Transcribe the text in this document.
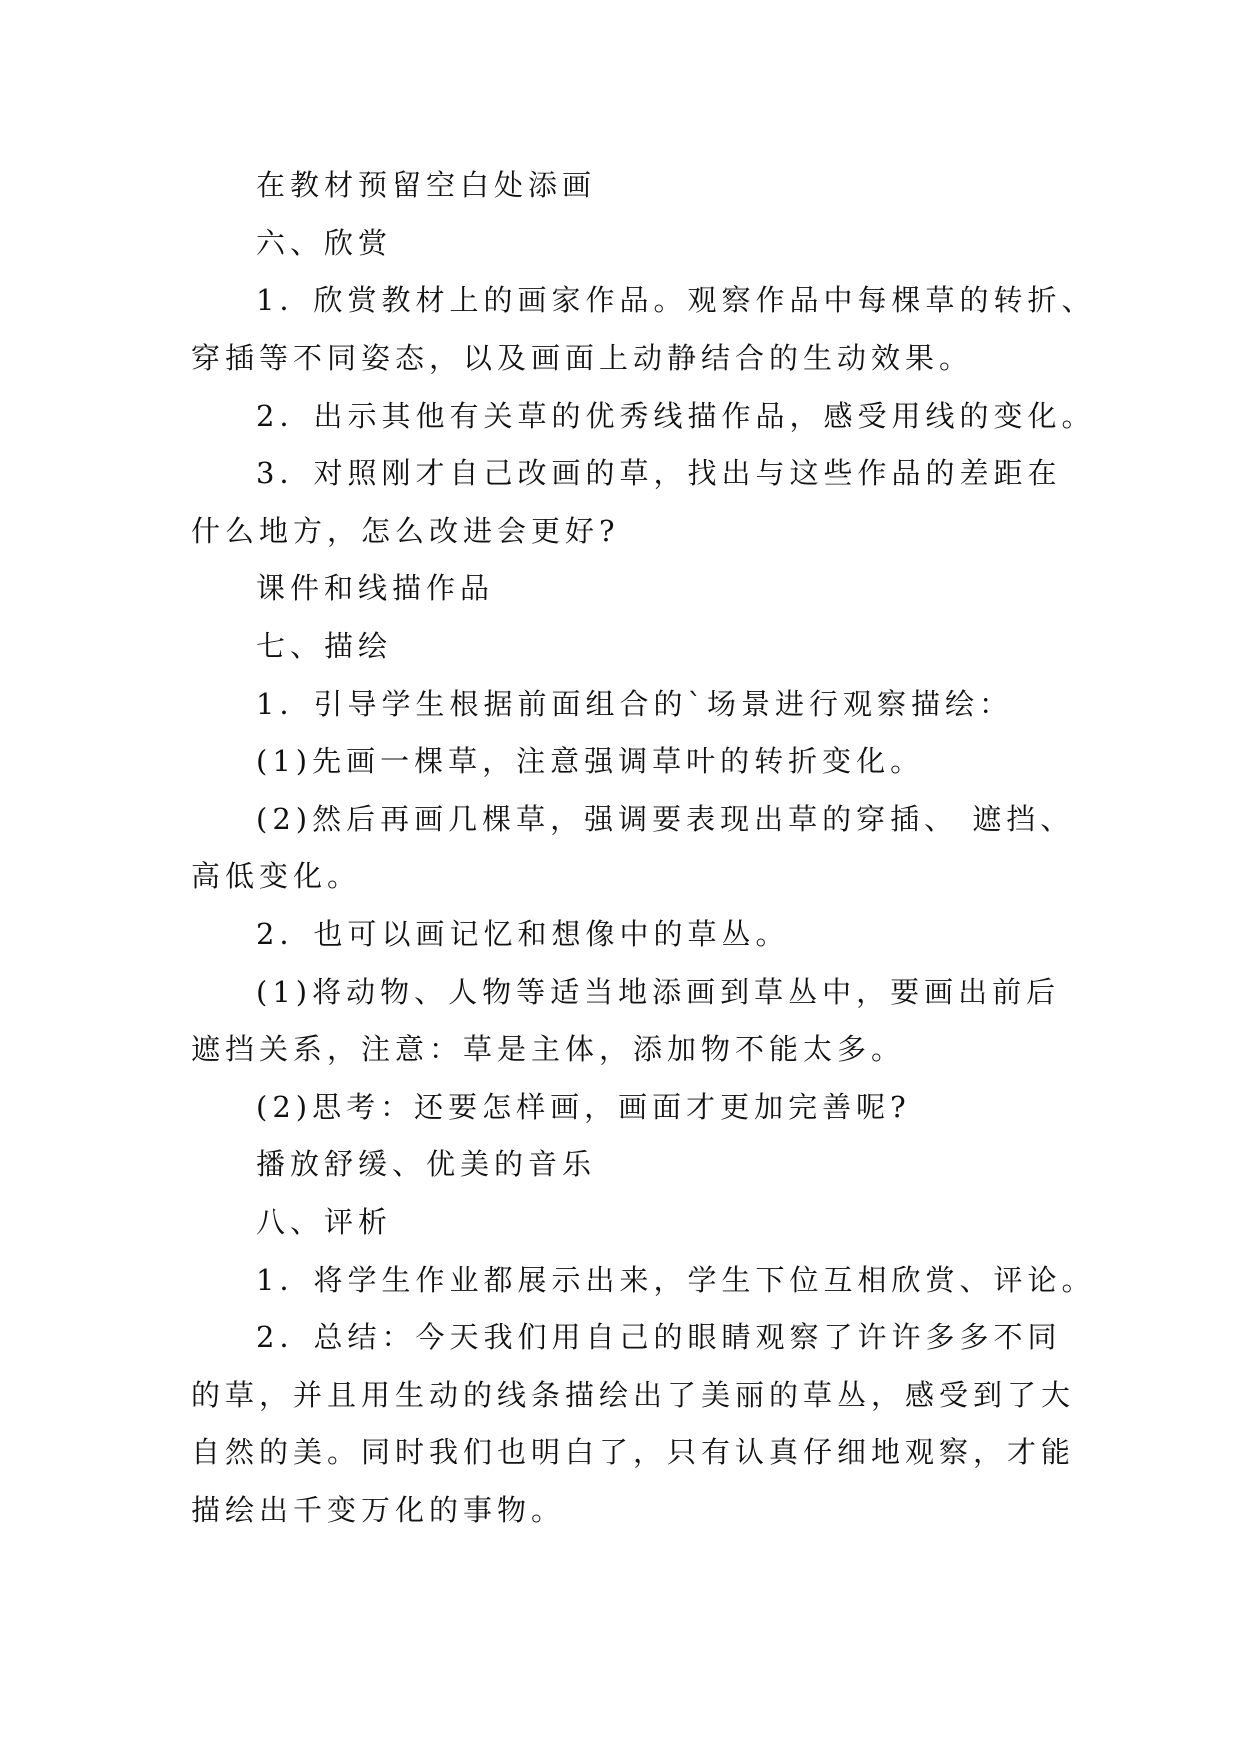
在教材预留空白处添画
六、欣赏
1．欣赏教材上的画家作品。观察作品中每棵草的转折、
穿插等不同姿态，以及画面上动静结合的生动效果。
2．出示其他有关草的优秀线描作品，感受用线的变化。
3．对照刚才自己改画的草，找出与这些作品的差距在
什么地方，怎么改进会更好?
课件和线描作品
七、描绘
1．引导学生根据前面组合的`场景进行观察描绘：
(1)先画一棵草，注意强调草叶的转折变化。
(2)然后再画几棵草，强调要表现出草的穿插、 遮挡、
高低变化。
2．也可以画记忆和想像中的草丛。
(1)将动物、人物等适当地添画到草丛中，要画出前后
遮挡关系，注意：草是主体，添加物不能太多。
(2)思考：还要怎样画，画面才更加完善呢?
播放舒缓、优美的音乐
八、评析
1．将学生作业都展示出来，学生下位互相欣赏、评论。
2．总结：今天我们用自己的眼睛观察了许许多多不同
的草，并且用生动的线条描绘出了美丽的草丛，感受到了大
自然的美。同时我们也明白了，只有认真仔细地观察，才能
描绘出千变万化的事物。
